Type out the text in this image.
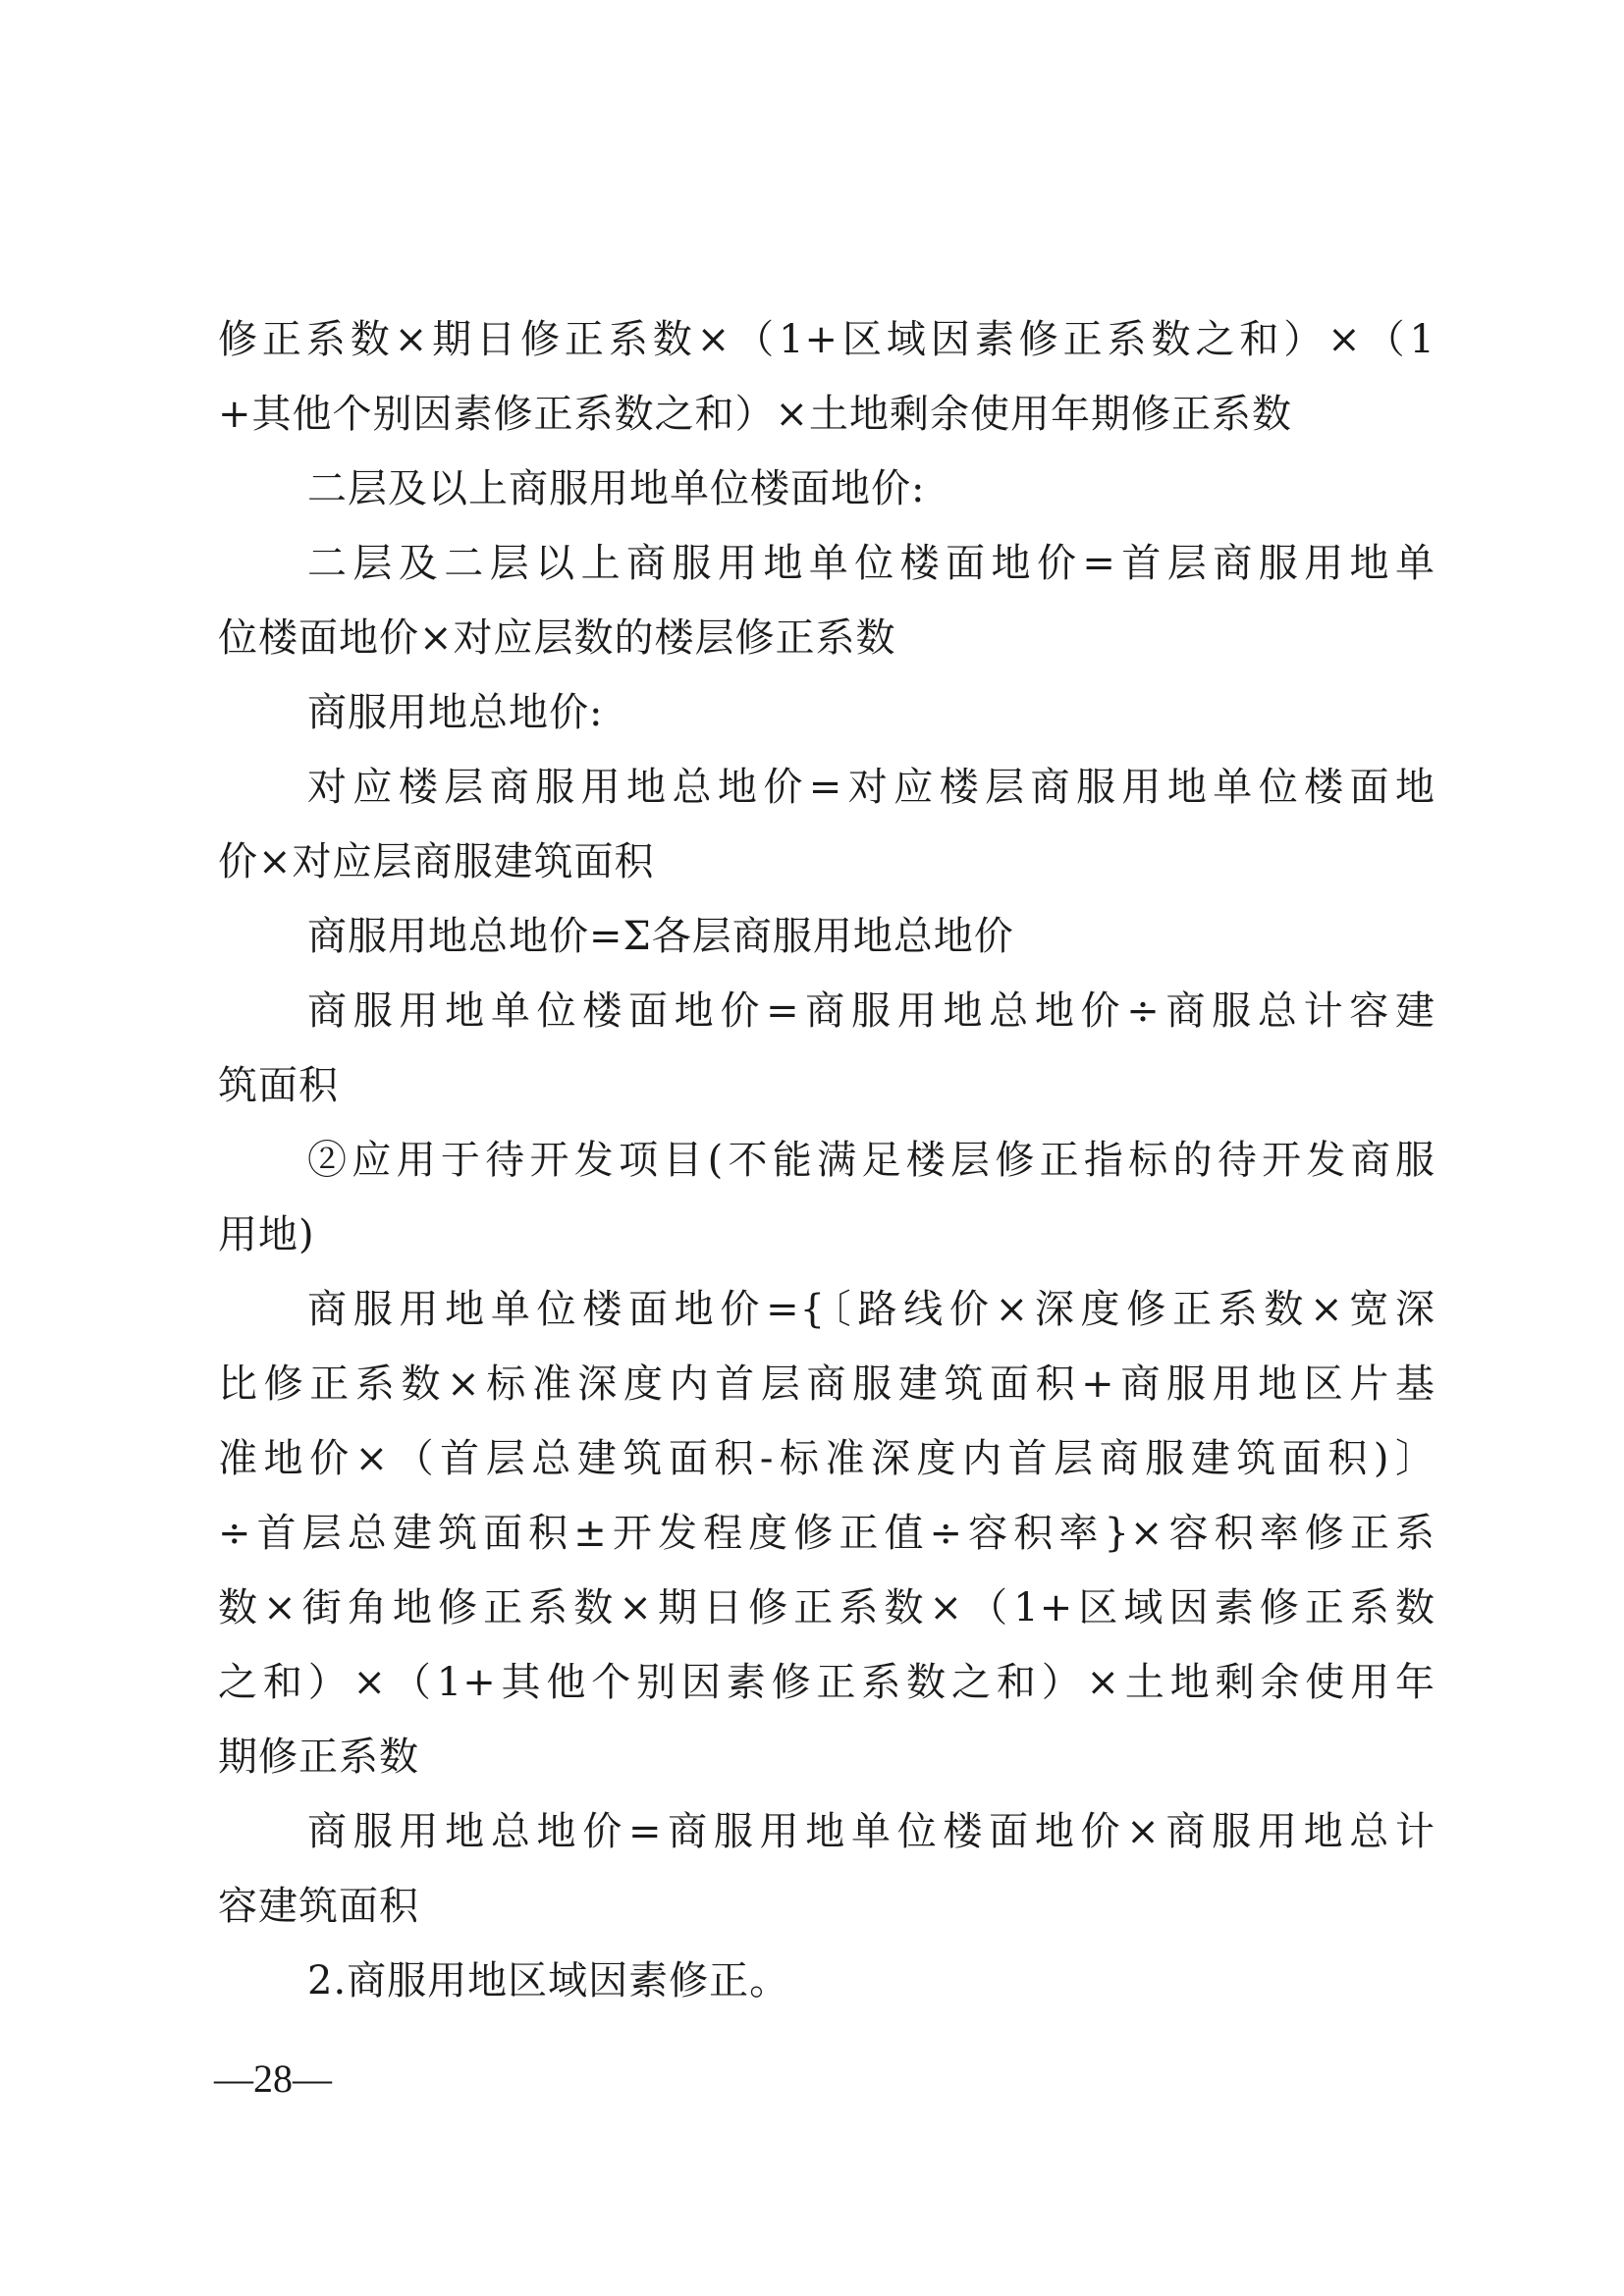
修正系数×期日修正系数×（1+区域因素修正系数之和）×（1
+其他个别因素修正系数之和）×土地剩余使用年期修正系数
二层及以上商服用地单位楼面地价:
二层及二层以上商服用地单位楼面地价=首层商服用地单
位楼面地价×对应层数的楼层修正系数
商服用地总地价:
对应楼层商服用地总地价=对应楼层商服用地单位楼面地
价×对应层商服建筑面积
商服用地总地价=Σ各层商服用地总地价
商服用地单位楼面地价=商服用地总地价÷商服总计容建
筑面积
②应用于待开发项目(不能满足楼层修正指标的待开发商服
用地)
商服用地单位楼面地价={〔路线价×深度修正系数×宽深
比修正系数×标准深度内首层商服建筑面积+商服用地区片基
准地价×（首层总建筑面积-标准深度内首层商服建筑面积)〕
÷首层总建筑面积±开发程度修正值÷容积率}×容积率修正系
数×街角地修正系数×期日修正系数×（1+区域因素修正系数
之和）×（1+其他个别因素修正系数之和）×土地剩余使用年
期修正系数
商服用地总地价=商服用地单位楼面地价×商服用地总计
容建筑面积
2.商服用地区域因素修正。
—28—
